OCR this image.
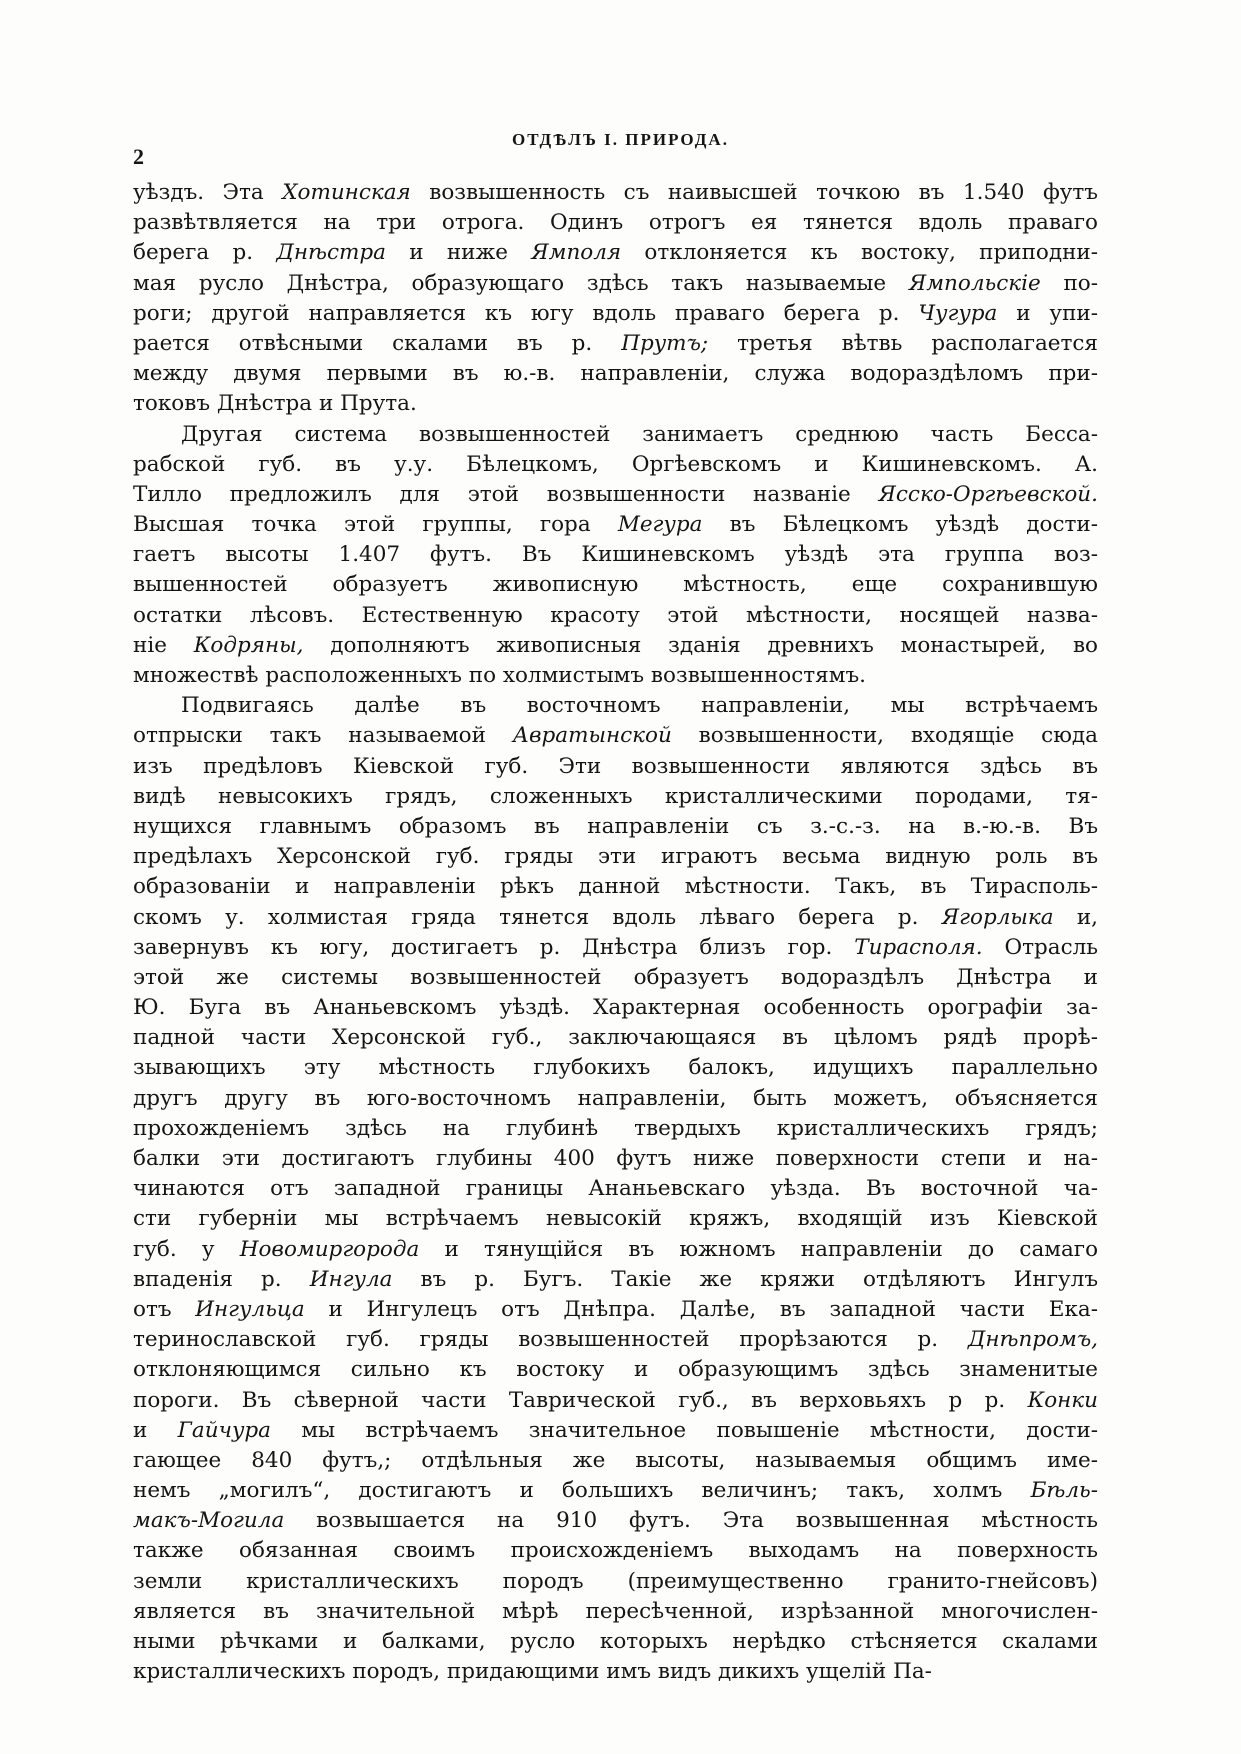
2
ОТДѢЛЪ I. ПРИРОДА.
уѣздъ. Эта Хотинская возвышенность съ наивысшей точкою въ 1.540 футъ
развѣтвляется на три отрога. Одинъ отрогъ ея тянется вдоль праваго
берега р. Днѣстра и ниже Ямполя отклоняется къ востоку, приподни-
мая русло Днѣстра, образующаго здѣсь такъ называемые Ямпольскіе по-
роги; другой направляется къ югу вдоль праваго берега р. Чугура и упи-
рается отвѣсными скалами въ р. Прутъ; третья вѣтвь располагается
между двумя первыми въ ю.-в. направленіи, служа водораздѣломъ при-
токовъ Днѣстра и Прута.
Другая система возвышенностей занимаетъ среднюю часть Бесса-
рабской губ. въ у.у. Бѣлецкомъ, Оргѣевскомъ и Кишиневскомъ. А.
Тилло предложилъ для этой возвышенности названіе Ясско-Оргѣевской.
Высшая точка этой группы, гора Мегура въ Бѣлецкомъ уѣздѣ дости-
гаетъ высоты 1.407 футъ. Въ Кишиневскомъ уѣздѣ эта группа воз-
вышенностей образуетъ живописную мѣстность, еще сохранившую
остатки лѣсовъ. Естественную красоту этой мѣстности, носящей назва-
ніе Кодряны, дополняютъ живописныя зданія древнихъ монастырей, во
множествѣ расположенныхъ по холмистымъ возвышенностямъ.
Подвигаясь далѣе въ восточномъ направленіи, мы встрѣчаемъ
отпрыски такъ называемой Авратынской возвышенности, входящіе сюда
изъ предѣловъ Кіевской губ. Эти возвышенности являются здѣсь въ
видѣ невысокихъ грядъ, сложенныхъ кристаллическими породами, тя-
нущихся главнымъ образомъ въ направленіи съ з.-с.-з. на в.-ю.-в. Въ
предѣлахъ Херсонской губ. гряды эти играютъ весьма видную роль въ
образованіи и направленіи рѣкъ данной мѣстности. Такъ, въ Тирасполь-
скомъ у. холмистая гряда тянется вдоль лѣваго берега р. Ягорлыка и,
завернувъ къ югу, достигаетъ р. Днѣстра близъ гор. Тирасполя. Отрасль
этой же системы возвышенностей образуетъ водораздѣлъ Днѣстра и
Ю. Буга въ Ананьевскомъ уѣздѣ. Характерная особенность орографіи за-
падной части Херсонской губ., заключающаяся въ цѣломъ рядѣ прорѣ-
зывающихъ эту мѣстность глубокихъ балокъ, идущихъ параллельно
другъ другу въ юго-восточномъ направленіи, быть можетъ, объясняется
прохожденіемъ здѣсь на глубинѣ твердыхъ кристаллическихъ грядъ;
балки эти достигаютъ глубины 400 футъ ниже поверхности степи и на-
чинаются отъ западной границы Ананьевскаго уѣзда. Въ восточной ча-
сти губерніи мы встрѣчаемъ невысокій кряжъ, входящій изъ Кіевской
губ. у Новомиргорода и тянущійся въ южномъ направленіи до самаго
впаденія р. Ингула въ р. Бугъ. Такіе же кряжи отдѣляютъ Ингулъ
отъ Ингульца и Ингулецъ отъ Днѣпра. Далѣе, въ западной части Ека-
теринославской губ. гряды возвышенностей прорѣзаются р. Днѣпромъ,
отклоняющимся сильно къ востоку и образующимъ здѣсь знаменитые
пороги. Въ сѣверной части Таврической губ., въ верховьяхъ р р. Конки
и Гайчура мы встрѣчаемъ значительное повышеніе мѣстности, дости-
гающее 840 футъ,; отдѣльныя же высоты, называемыя общимъ име-
немъ „могилъ“, достигаютъ и большихъ величинъ; такъ, холмъ Бѣль-
макъ-Могила возвышается на 910 футъ. Эта возвышенная мѣстность
также обязанная своимъ происхожденіемъ выходамъ на поверхность
земли кристаллическихъ породъ (преимущественно гранито-гнейсовъ)
является въ значительной мѣрѣ пересѣченной, изрѣзанной многочислен-
ными рѣчками и балками, русло которыхъ нерѣдко стѣсняется скалами
кристаллическихъ породъ, придающими имъ видъ дикихъ ущелій Па-
